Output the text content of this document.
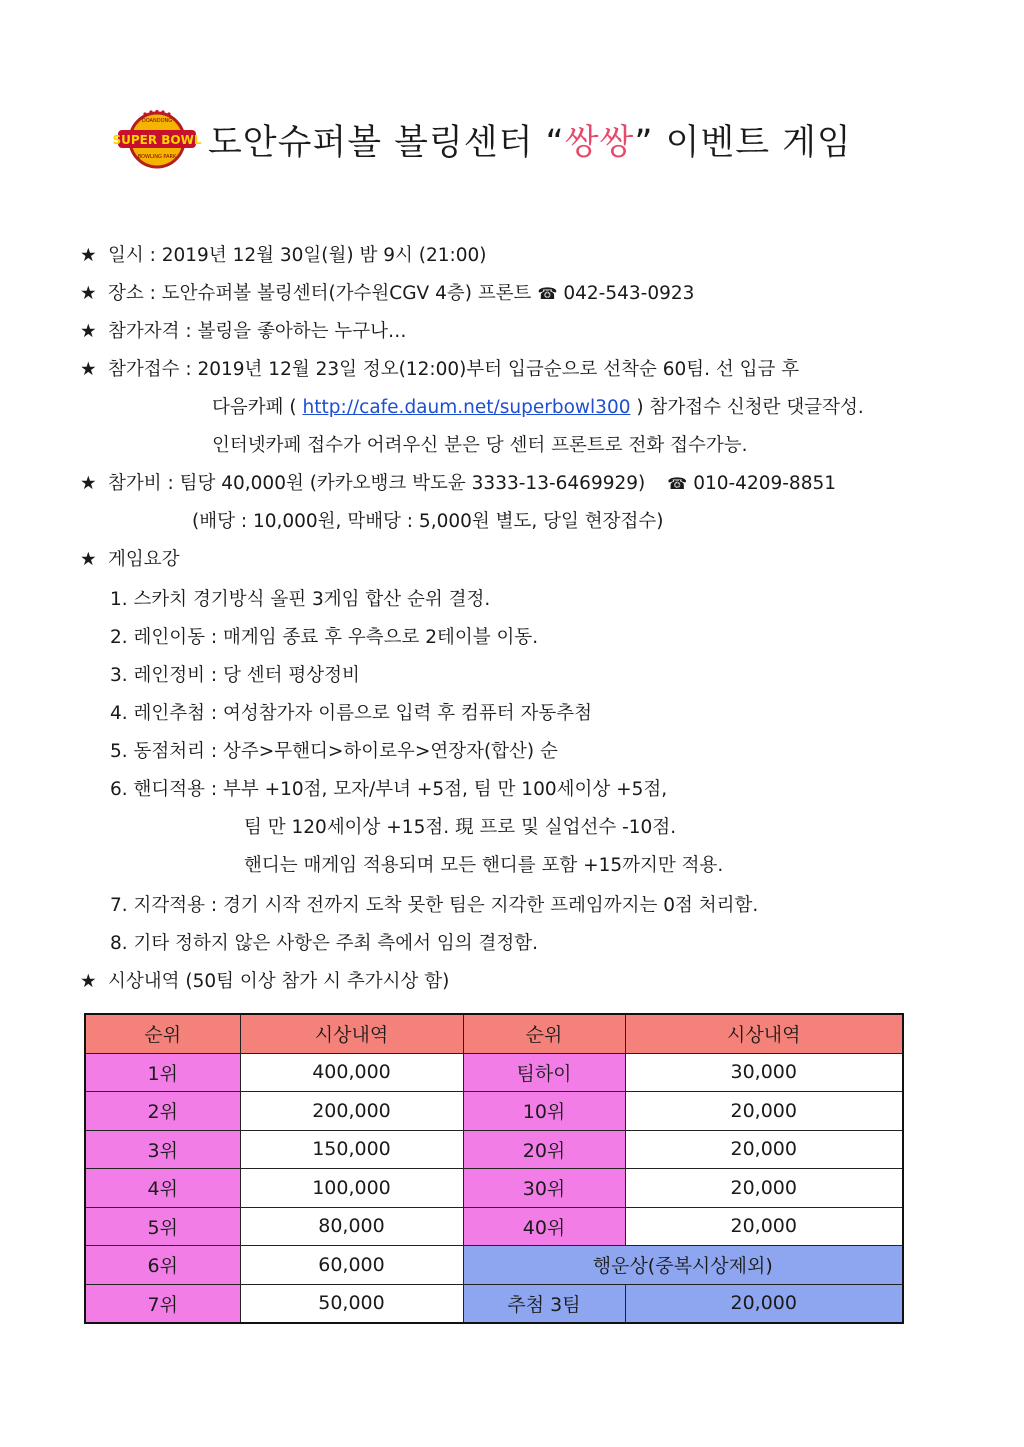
SUPER BOWL
DOANDONG
BOWLING PARK 도안슈퍼볼 볼링센터 “쌍쌍” 이벤트 게임
★ 일시 : 2019년 12월 30일(월) 밤 9시 (21:00)
★ 장소 : 도안슈퍼볼 볼링센터(가수원CGV 4층) 프론트 ☎ 042-543-0923
★ 참가자격 : 볼링을 좋아하는 누구나…
★ 참가접수 : 2019년 12월 23일 정오(12:00)부터 입금순으로 선착순 60팀. 선 입금 후
다음카페 ( http://cafe.daum.net/superbowl300 ) 참가접수 신청란 댓글작성.
인터넷카페 접수가 어려우신 분은 당 센터 프론트로 전화 접수가능.
★ 참가비 : 팀당 40,000원 (카카오뱅크 박도윤 3333-13-6469929) ☎ 010-4209-8851
(배당 : 10,000원, 막배당 : 5,000원 별도, 당일 현장접수)
★ 게임요강
1. 스카치 경기방식 올핀 3게임 합산 순위 결정.
2. 레인이동 : 매게임 종료 후 우측으로 2테이블 이동.
3. 레인정비 : 당 센터 평상정비
4. 레인추첨 : 여성참가자 이름으로 입력 후 컴퓨터 자동추첨
5. 동점처리 : 상주>무핸디>하이로우>연장자(합산) 순
6. 핸디적용 : 부부 +10점, 모자/부녀 +5점, 팀 만 100세이상 +5점,
팀 만 120세이상 +15점. 現 프로 및 실업선수 -10점.
핸디는 매게임 적용되며 모든 핸디를 포함 +15까지만 적용.
7. 지각적용 : 경기 시작 전까지 도착 못한 팀은 지각한 프레임까지는 0점 처리함.
8. 기타 정하지 않은 사항은 주최 측에서 임의 결정함.
★ 시상내역 (50팀 이상 참가 시 추가시상 함)
순위	시상내역	순위	시상내역
1위	400,000	팀하이	30,000
2위	200,000	10위	20,000
3위	150,000	20위	20,000
4위	100,000	30위	20,000
5위	80,000	40위	20,000
6위	60,000	행운상(중복시상제외)	
7위	50,000	추첨 3팀	20,000
